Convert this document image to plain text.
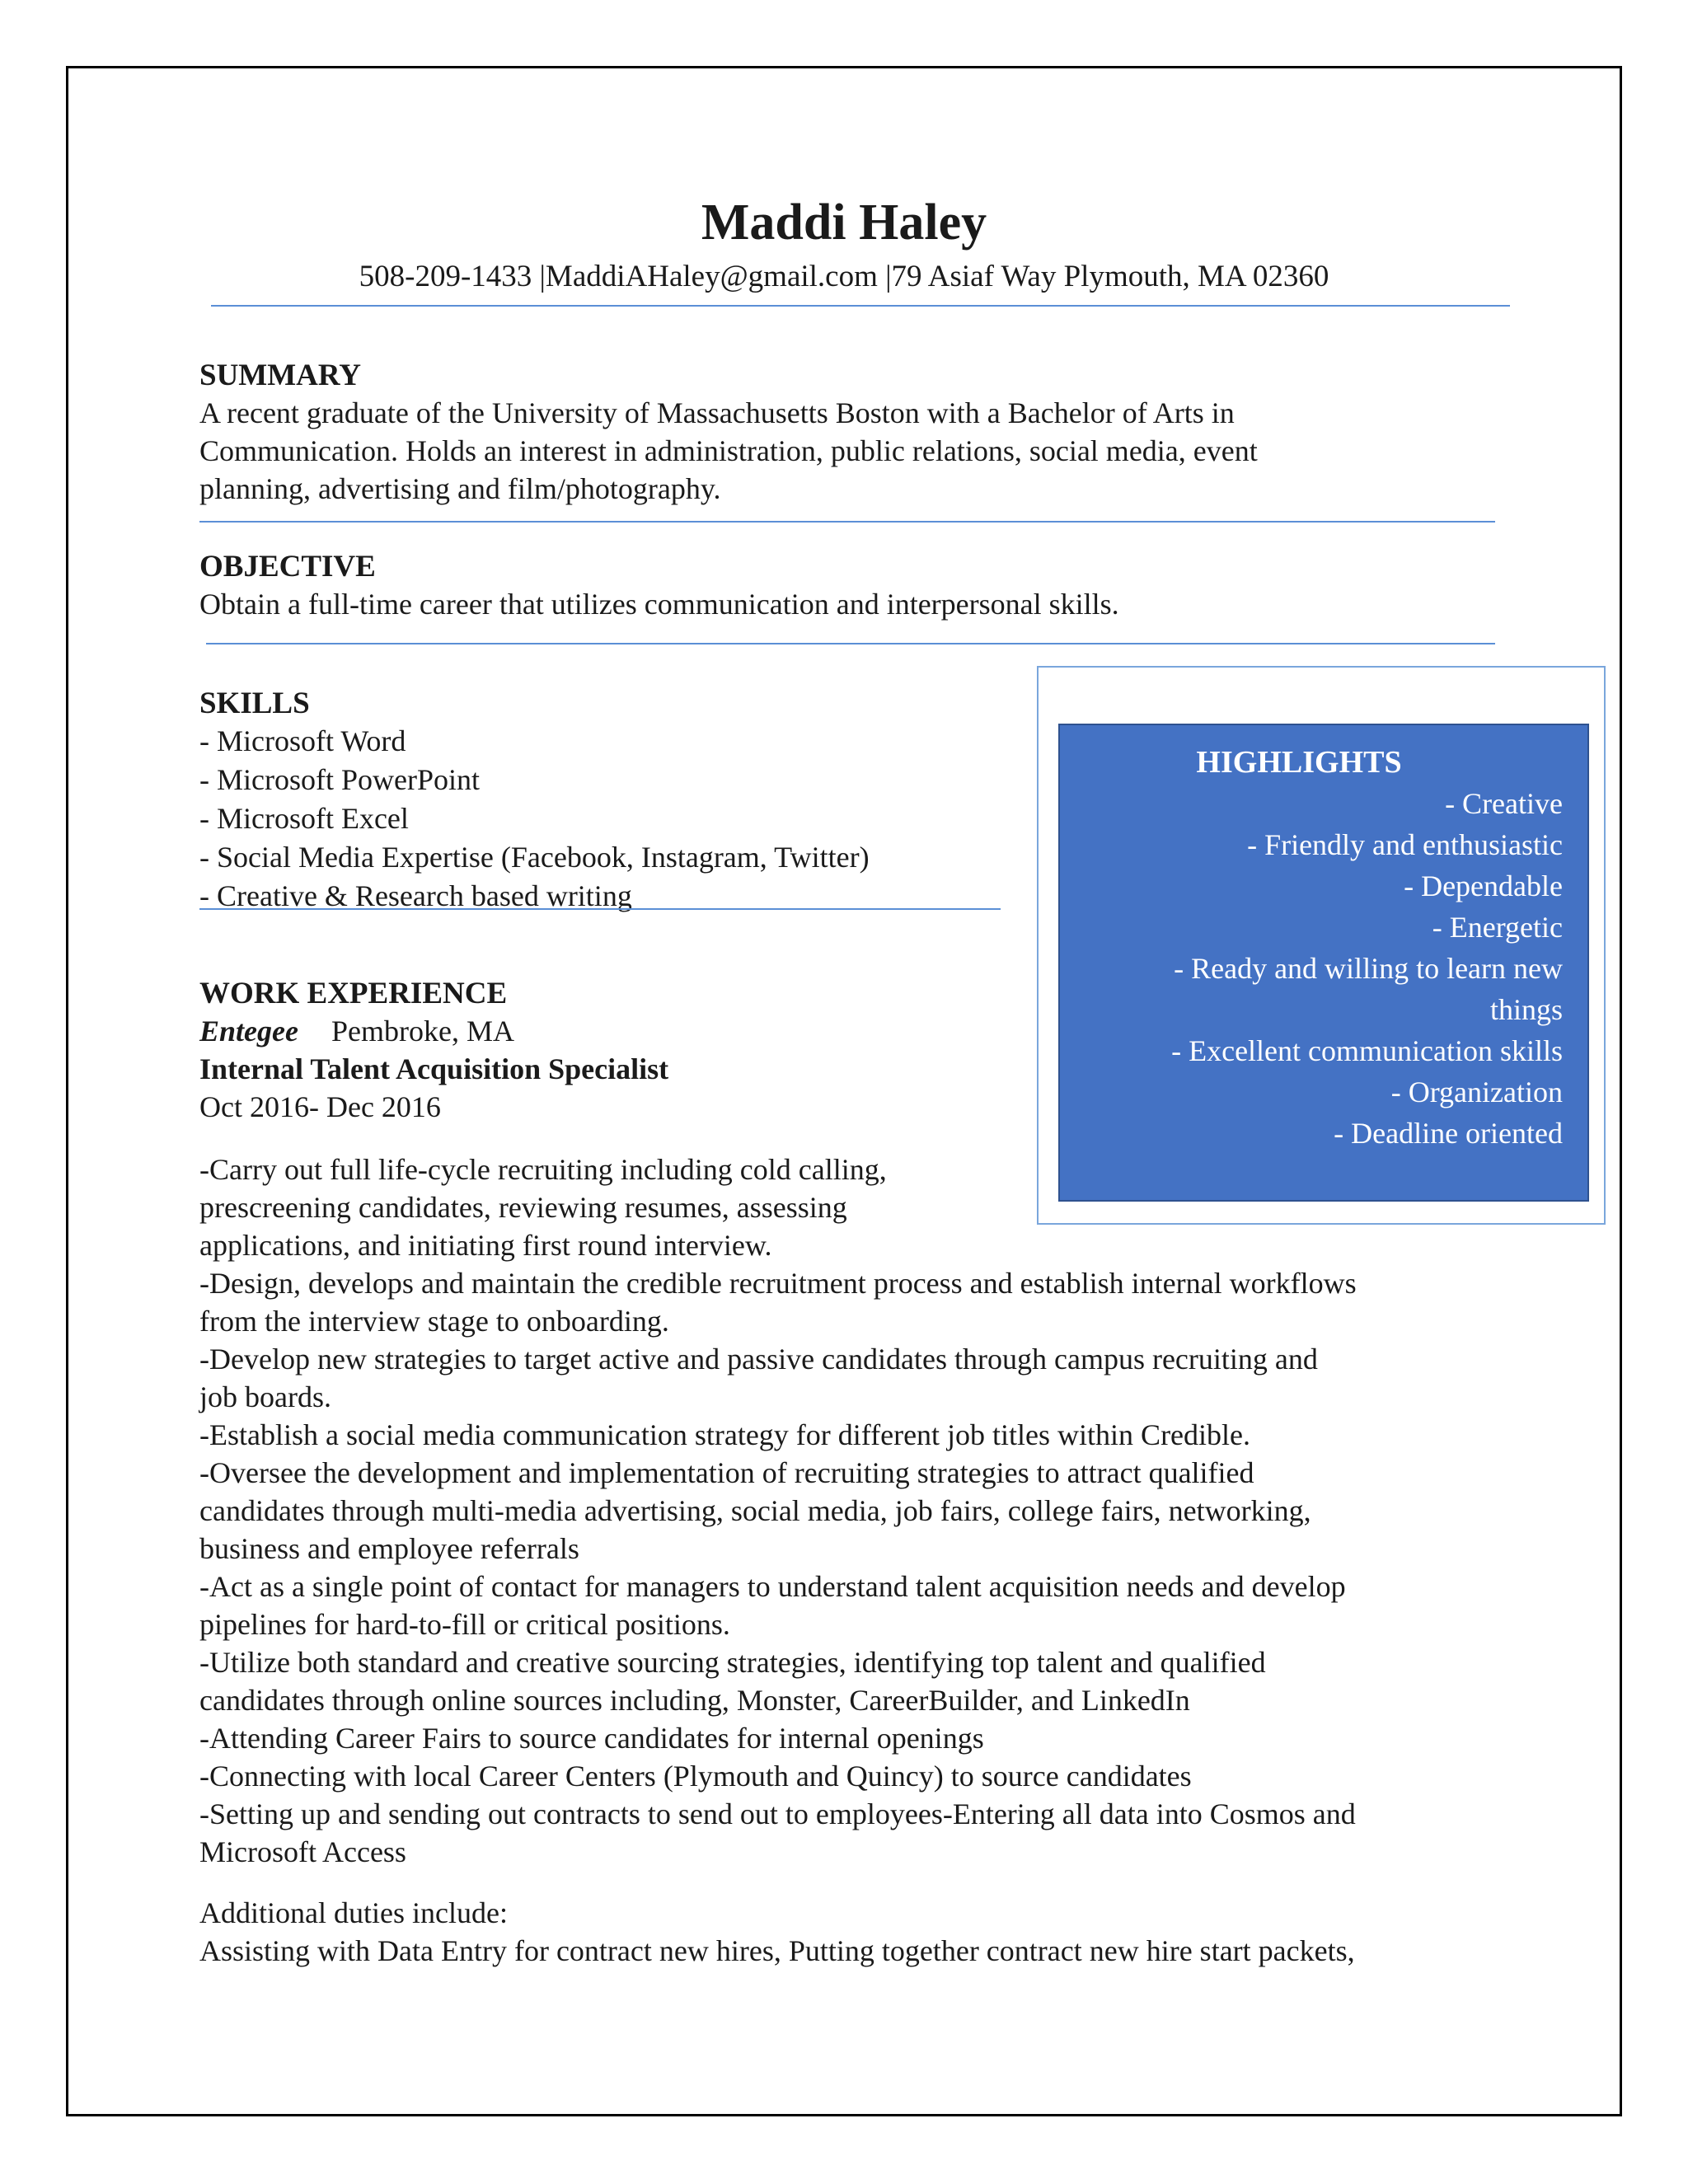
Maddi Haley
508-209-1433 |MaddiAHaley@gmail.com |79 Asiaf Way Plymouth, MA 02360
SUMMARY
A recent graduate of the University of Massachusetts Boston with a Bachelor of Arts in
Communication. Holds an interest in administration, public relations, social media, event
planning, advertising and film/photography.
OBJECTIVE
Obtain a full-time career that utilizes communication and interpersonal skills.
SKILLS
- Microsoft Word
- Microsoft PowerPoint
- Microsoft Excel
- Social Media Expertise (Facebook, Instagram, Twitter)
- Creative & Research based writing
HIGHLIGHTS
- Creative
- Friendly and enthusiastic
- Dependable
- Energetic
- Ready and willing to learn new
things
- Excellent communication skills
- Organization
- Deadline oriented
WORK EXPERIENCE
Entegee Pembroke, MA
Internal Talent Acquisition Specialist
Oct 2016- Dec 2016
-Carry out full life-cycle recruiting including cold calling,
prescreening candidates, reviewing resumes, assessing
applications, and initiating first round interview.
-Design, develops and maintain the credible recruitment process and establish internal workflows
from the interview stage to onboarding.
-Develop new strategies to target active and passive candidates through campus recruiting and
job boards.
-Establish a social media communication strategy for different job titles within Credible.
-Oversee the development and implementation of recruiting strategies to attract qualified
candidates through multi-media advertising, social media, job fairs, college fairs, networking,
business and employee referrals
-Act as a single point of contact for managers to understand talent acquisition needs and develop
pipelines for hard-to-fill or critical positions.
-Utilize both standard and creative sourcing strategies, identifying top talent and qualified
candidates through online sources including, Monster, CareerBuilder, and LinkedIn
-Attending Career Fairs to source candidates for internal openings
-Connecting with local Career Centers (Plymouth and Quincy) to source candidates
-Setting up and sending out contracts to send out to employees-Entering all data into Cosmos and
Microsoft Access
Additional duties include:
Assisting with Data Entry for contract new hires, Putting together contract new hire start packets,
